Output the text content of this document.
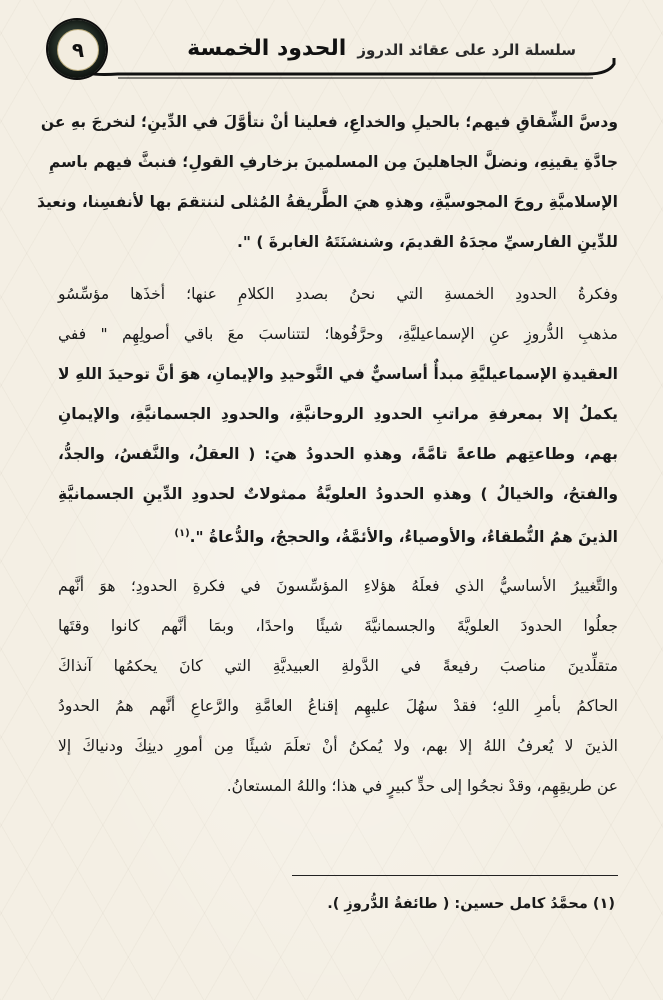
سلسلة الرد على عقائد الدروز الحدود الخمسة
٩
ودسَّ الشِّقاقِ فيهم؛ بالحيلِ والخداعِ، فعلينا أنْ نتأوَّلَ في الدِّينِ؛ لنخرجَ بهِ عن
جادَّةِ يقينِهِ، ونضلَّ الجاهلينَ مِن المسلمينَ بزخارفِ القولِ؛ فنبثَّ فيهم باسمِ
الإسلاميَّةِ روحَ المجوسيَّةِ، وهذهِ هيَ الطَّريقةُ المُثلى لننتقمَ بها لأنفسِنا، ونعيدَ
للدِّينِ الفارسيِّ مجدَهُ القديمَ، وشنشنَتَهُ الغابرةَ ) ".
وفكرةُ الحدودِ الخمسةِ التي نحنُ بصددِ الكلامِ عنها؛ أخذَها مؤسِّسُو
مذهبِ الدُّروزِ عنِ الإسماعيليَّةِ، وحرَّفُوها؛ لتتناسبَ معَ باقي أصولِهِم " ففي
العقيدةِ الإسماعيليَّةِ مبدأٌ أساسيٌّ في التَّوحيدِ والإيمانِ، هوَ أنَّ توحيدَ اللهِ لا
يكملُ إلا بمعرفةِ مراتبِ الحدودِ الروحانيَّةِ، والحدودِ الجسمانيَّةِ، والإيمانِ
بهم، وطاعتِهم طاعةً تامَّةً، وهذهِ الحدودُ هيَ: ( العقلُ، والنَّفسُ، والجدُّ،
والفتحُ، والخيالُ ) وهذهِ الحدودُ العلويَّةُ ممثولاتٌ لحدودِ الدِّينِ الجسمانيَّةِ
الذينَ همُ النُّطقاءُ، والأوصياءُ، والأئمَّةُ، والحججُ، والدُّعاةُ ".$^{(١)}$
والتَّغييرُ الأساسيُّ الذي فعلَهُ هؤلاءِ المؤسِّسونَ في فكرةِ الحدودِ؛ هوَ أنَّهم
جعلُوا الحدودَ العلويَّةَ والجسمانيَّةَ شيئًا واحدًا، وبمَا أنَّهم كانوا وقتَها
متقلِّدينَ مناصبَ رفيعةً في الدَّولةِ العبيديَّةِ التي كانَ يحكمُها آنذاكَ
الحاكمُ بأمرِ اللهِ؛ فقدْ سهُلَ عليهِم إقناعُ العامَّةِ والرَّعاعِ أنَّهم همُ الحدودُ
الذينَ لا يُعرفُ اللهُ إلا بهم، ولا يُمكنُ أنْ تعلَمَ شيئًا مِن أمورِ دينِكَ ودنياكَ إلا
عن طريقِهِم، وقدْ نجحُوا إلى حدٍّ كبيرٍ في هذا؛ واللهُ المستعانُ.
(١) محمَّدُ كامل حسين: ( طائفةُ الدُّروزِ ).
